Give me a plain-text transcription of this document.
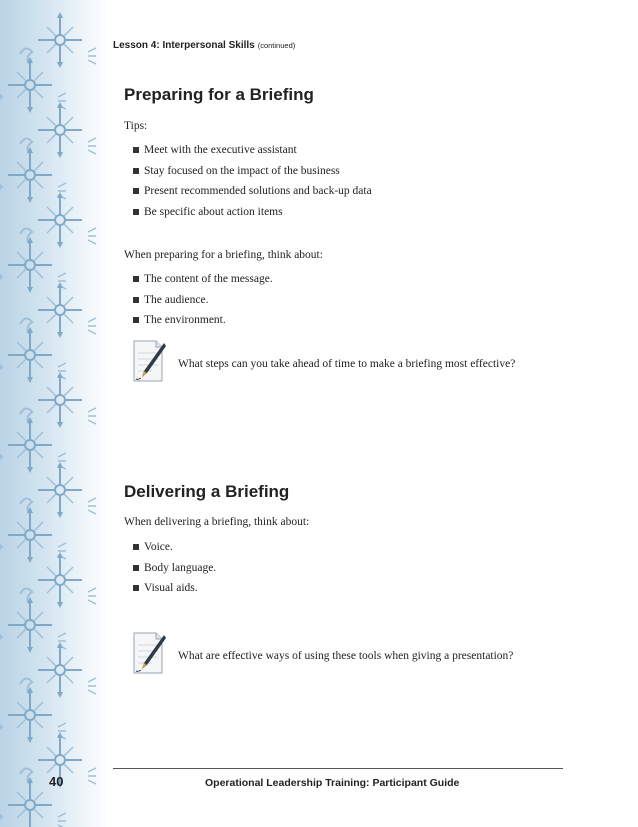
Lesson 4: Interpersonal Skills (continued)
Preparing for a Briefing
Tips:
Meet with the executive assistant
Stay focused on the impact of the business
Present recommended solutions and back-up data
Be specific about action items
When preparing for a briefing, think about:
The content of the message.
The audience.
The environment.
What steps can you take ahead of time to make a briefing most effective?
Delivering a Briefing
When delivering a briefing, think about:
Voice.
Body language.
Visual aids.
What are effective ways of using these tools when giving a presentation?
40	Operational Leadership Training: Participant Guide
